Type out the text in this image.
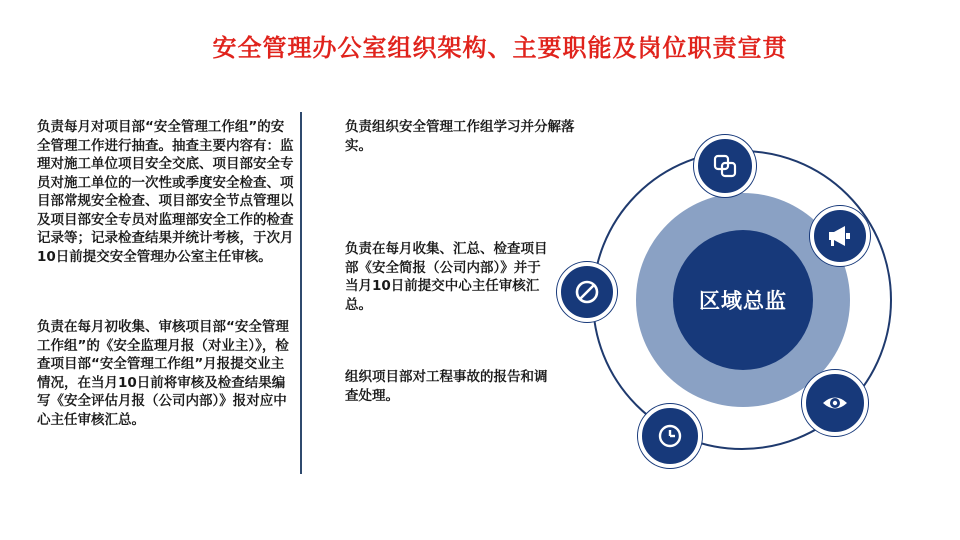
安全管理办公室组织架构、主要职能及岗位职责宣贯

负责每月对项目部“安全管理工作组”的安全管理工作进行抽查。抽查主要内容有：监理对施工单位项目安全交底、项目部安全专员对施工单位的一次性或季度安全检查、项目部常规安全检查、项目部安全节点管理以及项目部安全专员对监理部安全工作的检查记录等；记录检查结果并统计考核，于次月10日前提交安全管理办公室主任审核。

负责在每月初收集、审核项目部“安全管理工作组”的《安全监理月报（对业主）》，检查项目部“安全管理工作组”月报提交业主情况，在当月10日前将审核及检查结果编写《安全评估月报（公司内部）》报对应中心主任审核汇总。

负责组织安全管理工作组学习并分解落实。

负责在每月收集、汇总、检查项目部《安全简报（公司内部）》并于当月10日前提交中心主任审核汇总。

组织项目部对工程事故的报告和调查处理。

区域总监
